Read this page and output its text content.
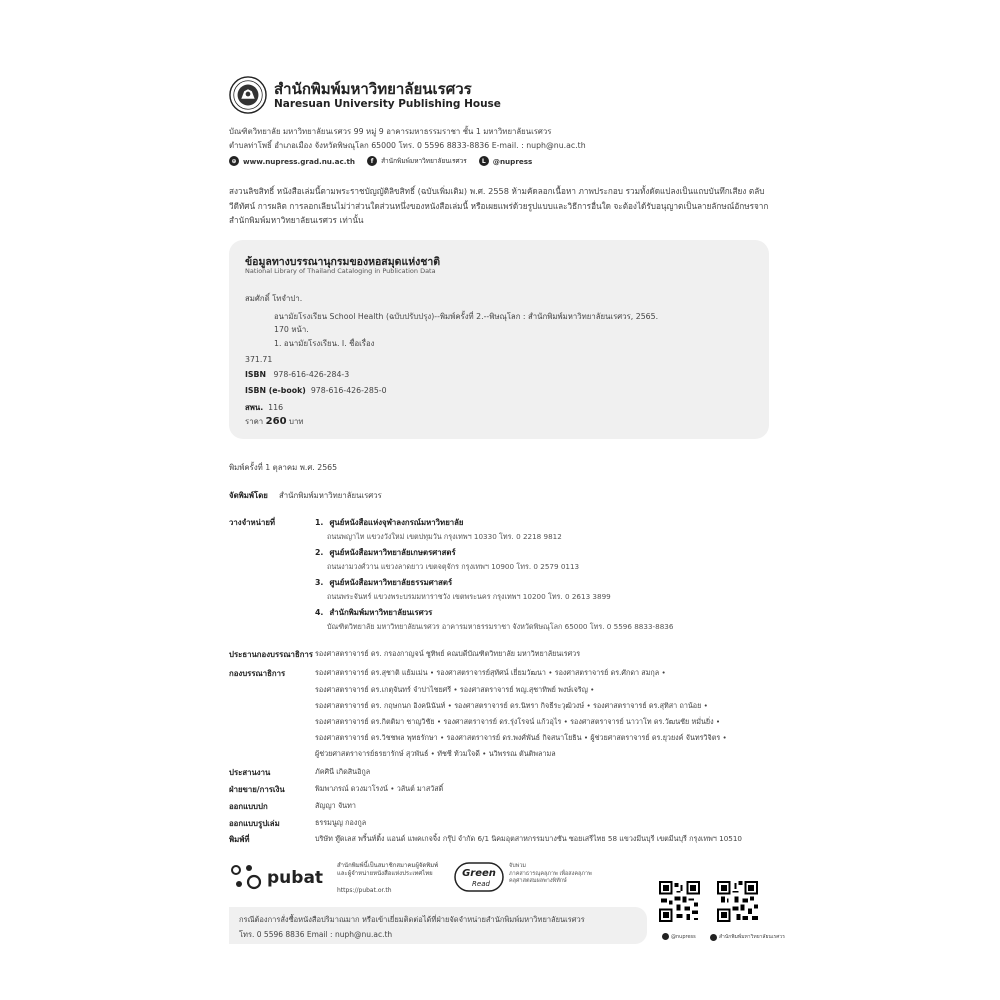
สำนักพิมพ์มหาวิทยาลัยนเรศวร
Naresuan University Publishing House
บัณฑิตวิทยาลัย มหาวิทยาลัยนเรศวร 99 หมู่ 9 อาคารมหาธรรมราชา ชั้น 1 มหาวิทยาลัยนเรศวร
ตำบลท่าโพธิ์ อำเภอเมือง จังหวัดพิษณุโลก 65000 โทร. 0 5596 8833-8836 E-mail. : nuph@nu.ac.th
⊕ www.nupress.grad.nu.ac.th	f	สำนักพิมพ์มหาวิทยาลัยนเรศวร	L @nupress
สงวนลิขสิทธิ์ หนังสือเล่มนี้ตามพระราชบัญญัติลิขสิทธิ์ (ฉบับเพิ่มเติม) พ.ศ. 2558 ห้ามคัดลอกเนื้อหา ภาพประกอบ รวมทั้งดัดแปลงเป็นแถบบันทึกเสียง ตลับวีดีทัศน์ การผลิต การลอกเลียนไม่ว่าส่วนใดส่วนหนึ่งของหนังสือเล่มนี้ หรือเผยแพร่ด้วยรูปแบบและวิธีการอื่นใด จะต้องได้รับอนุญาตเป็นลายลักษณ์อักษรจากสำนักพิมพ์มหาวิทยาลัยนเรศวร เท่านั้น
ข้อมูลทางบรรณานุกรมของหอสมุดแห่งชาติ
National Library of Thailand Cataloging in Publication Data
สมศักดิ์ โทจำปา.
อนามัยโรงเรียน School Health (ฉบับปรับปรุง)--พิมพ์ครั้งที่ 2.--พิษณุโลก : สำนักพิมพ์มหาวิทยาลัยนเรศวร, 2565.
170 หน้า.
1. อนามัยโรงเรียน. I. ชื่อเรื่อง
371.71
ISBN 978-616-426-284-3
ISBN (e-book) 978-616-426-285-0
สพน. 116
ราคา 260 บาท
พิมพ์ครั้งที่ 1 ตุลาคม พ.ศ. 2565
จัดพิมพ์โดย สำนักพิมพ์มหาวิทยาลัยนเรศวร
วางจำหน่ายที่	1. ศูนย์หนังสือแห่งจุฬาลงกรณ์มหาวิทยาลัย
ถนนพญาไท แขวงวังใหม่ เขตปทุมวัน กรุงเทพฯ 10330 โทร. 0 2218 9812
2. ศูนย์หนังสือมหาวิทยาลัยเกษตรศาสตร์
ถนนงามวงศ์วาน แขวงลาดยาว เขตจตุจักร กรุงเทพฯ 10900 โทร. 0 2579 0113
3. ศูนย์หนังสือมหาวิทยาลัยธรรมศาสตร์
ถนนพระจันทร์ แขวงพระบรมมหาราชวัง เขตพระนคร กรุงเทพฯ 10200 โทร. 0 2613 3899
4. สำนักพิมพ์มหาวิทยาลัยนเรศวร
บัณฑิตวิทยาลัย มหาวิทยาลัยนเรศวร อาคารมหาธรรมราชา จังหวัดพิษณุโลก 65000 โทร. 0 5596 8833-8836
ประธานกองบรรณาธิการ รองศาสตราจารย์ ดร. กรองกาญจน์ ชูทิพย์ คณบดีบัณฑิตวิทยาลัย มหาวิทยาลัยนเรศวร
กองบรรณาธิการ	รองศาสตราจารย์ ดร.สุชาติ แย้มเม่น • รองศาสตราจารย์สุทัศน์ เยี่ยมวัฒนา • รองศาสตราจารย์ ดร.ศักดา สมกุล •
รองศาสตราจารย์ ดร.เกตุจันทร์ จำปาไชยศรี • รองศาสตราจารย์ พญ.สุชาทิพย์ พงษ์เจริญ •
รองศาสตราจารย์ ดร. กฤษกนก อิงคนินันท์ • รองศาสตราจารย์ ดร.นิทรา กิจธีระวุฒิวงษ์ • รองศาสตราจารย์ ดร.สุทิสา ถาน้อย •
รองศาสตราจารย์ ดร.กิตติมา ชาญวิชัย • รองศาสตราจารย์ ดร.รุ่งโรจน์ แก้วอุไร • รองศาสตราจารย์ นาวาโท ดร.วัฒนชัย หมั่นยิ่ง •
รองศาสตราจารย์ ดร.วิชชพล พุทธรักษา • รองศาสตราจารย์ ดร.พงศ์พันธ์ กิจสนาโยธิน • ผู้ช่วยศาสตราจารย์ ดร.ยุวยงค์ จันทรวิจิตร •
ผู้ช่วยศาสตราจารย์ธรยารักษ์ สุวพันธ์ • ทัชชี ท้วมใจดี • นวิพรรณ ตันติพลามล
ประสานงาน	ภัคศินี เกิดสินอิกูล
ฝ่ายขาย/การเงิน	พิมพาภรณ์ ดวงมาโรงน์ • วลันต์ มาสวัสดิ์
ออกแบบปก	สัญญา จันทา
ออกแบบรูปเล่ม	ธรรมนูญ กองกูล
พิมพ์ที่	บริษัท ทู๊ดเลส พริ้นท์ติ้ง แอนด์ แพคเกจจิ้ง กรุ๊ป จำกัด 6/1 นิคมอุตสาหกรรมบางชัน ซอยเสรีไทย 58 แขวงมีนบุรี เขตมีนบุรี กรุงเทพฯ 10510
pubat
สำนักพิมพ์นี้เป็นสมาชิกสมาคมผู้จัดพิมพ์
และผู้จำหน่ายหนังสือแห่งประเทศไทย
https://pubat.or.th
Green
Read
จับพ่วม
ภาคสาธารณุคลุภาพ เพื่อสงคลุภาพ
คลุศาสตสมผลพางพิทักษ์
@nupress	สำนักพิมพ์มหาวิทยาลัยนเรศวร
กรณีต้องการสั่งซื้อหนังสือปริมาณมาก หรือเข้าเยี่ยมติดต่อได้ที่ฝ่ายจัดจำหน่ายสำนักพิมพ์มหาวิทยาลัยนเรศวร
โทร. 0 5596 8836 Email : nuph@nu.ac.th
